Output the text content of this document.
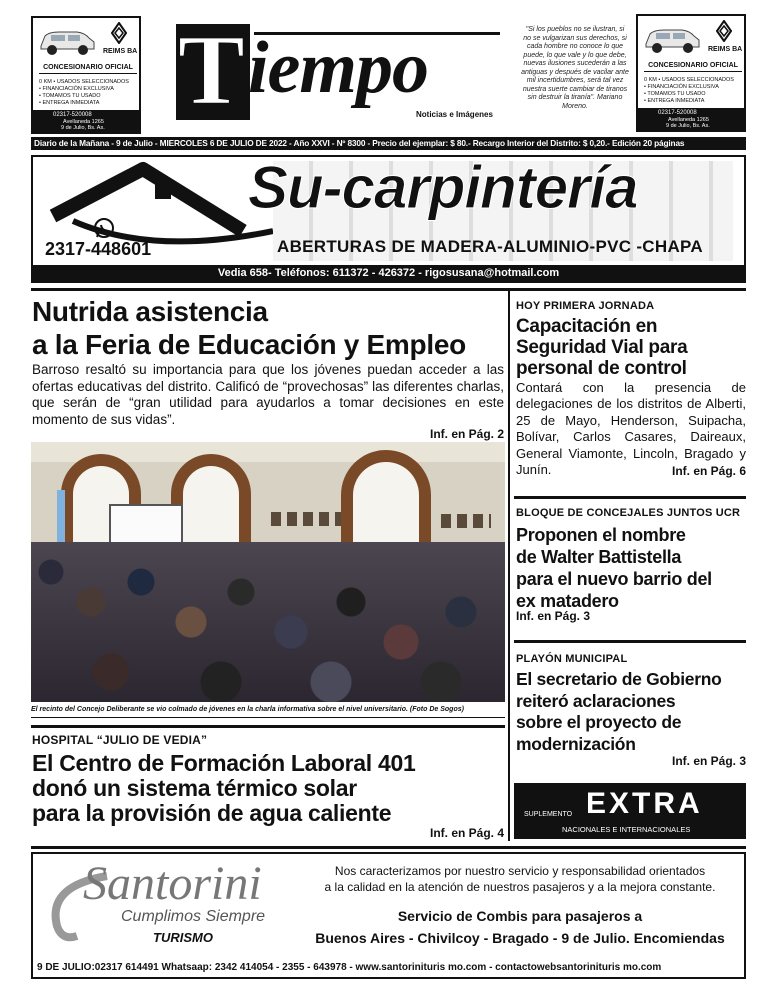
REIMS BA
CONCESIONARIO OFICIAL
0 KM • USADOS SELECCIONADOS
• FINANCIACIÓN EXCLUSIVA
• TOMAMOS TU USADO
• ENTREGA INMEDIATA
02317-520008
Avellaneda 1265
9 de Julio, Bs. As.
T iempo
Noticias e Imágenes
"Si los pueblos no se ilustran, si no se vulgarizan sus derechos, si cada hombre no conoce lo que puede, lo que vale y lo que debe, nuevas ilusiones sucederán a las antiguas y después de vacilar ante mil incertidumbres, será tal vez nuestra suerte cambiar de tiranos sin destruir la tiranía". Mariano Moreno.
REIMS BA
CONCESIONARIO OFICIAL
0 KM • USADOS SELECCIONADOS
• FINANCIACIÓN EXCLUSIVA
• TOMAMOS TU USADO
• ENTREGA INMEDIATA
02317-520008
Avellaneda 1265
9 de Julio, Bs. As.
Diario de la Mañana - 9 de Julio - MIERCOLES 6 DE JULIO DE 2022 - Año XXVI - Nº 8300 - Precio del ejemplar: $ 80.- Recargo Interior del Distrito: $ 0,20.- Edición 20 páginas
Su-carpintería
2317-448601	ABERTURAS DE MADERA-ALUMINIO-PVC -CHAPA
Vedia 658- Teléfonos: 611372 - 426372 - rigosusana@hotmail.com
Nutrida asistencia
a la Feria de Educación y Empleo
Barroso resaltó su importancia para que los jóvenes puedan acceder a las ofertas educativas del distrito. Calificó de “provechosas” las diferentes charlas, que serán de “gran utilidad para ayudarlos a tomar decisiones en este momento de sus vidas”.
Inf. en Pág. 2
El recinto del Concejo Deliberante se vio colmado de jóvenes en la charla informativa sobre el nivel universitario. (Foto De Sogos)
HOSPITAL “JULIO DE VEDIA”
El Centro de Formación Laboral 401
donó un sistema térmico solar
para la provisión de agua caliente
Inf. en Pág. 4
HOY PRIMERA JORNADA
Capacitación en
Seguridad Vial para
personal de control
Contará con la presencia de delegaciones de los distritos de Alberti, 25 de Mayo, Henderson, Suipacha, Bolívar, Carlos Casares, Daireaux, General Viamonte, Lincoln, Bragado y Junín.	Inf. en Pág. 6
BLOQUE DE CONCEJALES JUNTOS UCR
Proponen el nombre
de Walter Battistella
para el nuevo barrio del
ex matadero
Inf. en Pág. 3
PLAYÓN MUNICIPAL
El secretario de Gobierno
reiteró aclaraciones
sobre el proyecto de
modernización
Inf. en Pág. 3
SUPLEMENTO EXTRA
NACIONALES E INTERNACIONALES
Santorini
Cumplimos Siempre
TURISMO
Nos caracterizamos por nuestro servicio y responsabilidad orientados
a la calidad en la atención de nuestros pasajeros y a la mejora constante.
Servicio de Combis para pasajeros a
Buenos Aires - Chivilcoy - Bragado - 9 de Julio. Encomiendas
9 DE JULIO:02317 614491 Whatsaap: 2342 414054 - 2355 - 643978 - www.santorinituris mo.com - contactowebsantorinituris mo.com
